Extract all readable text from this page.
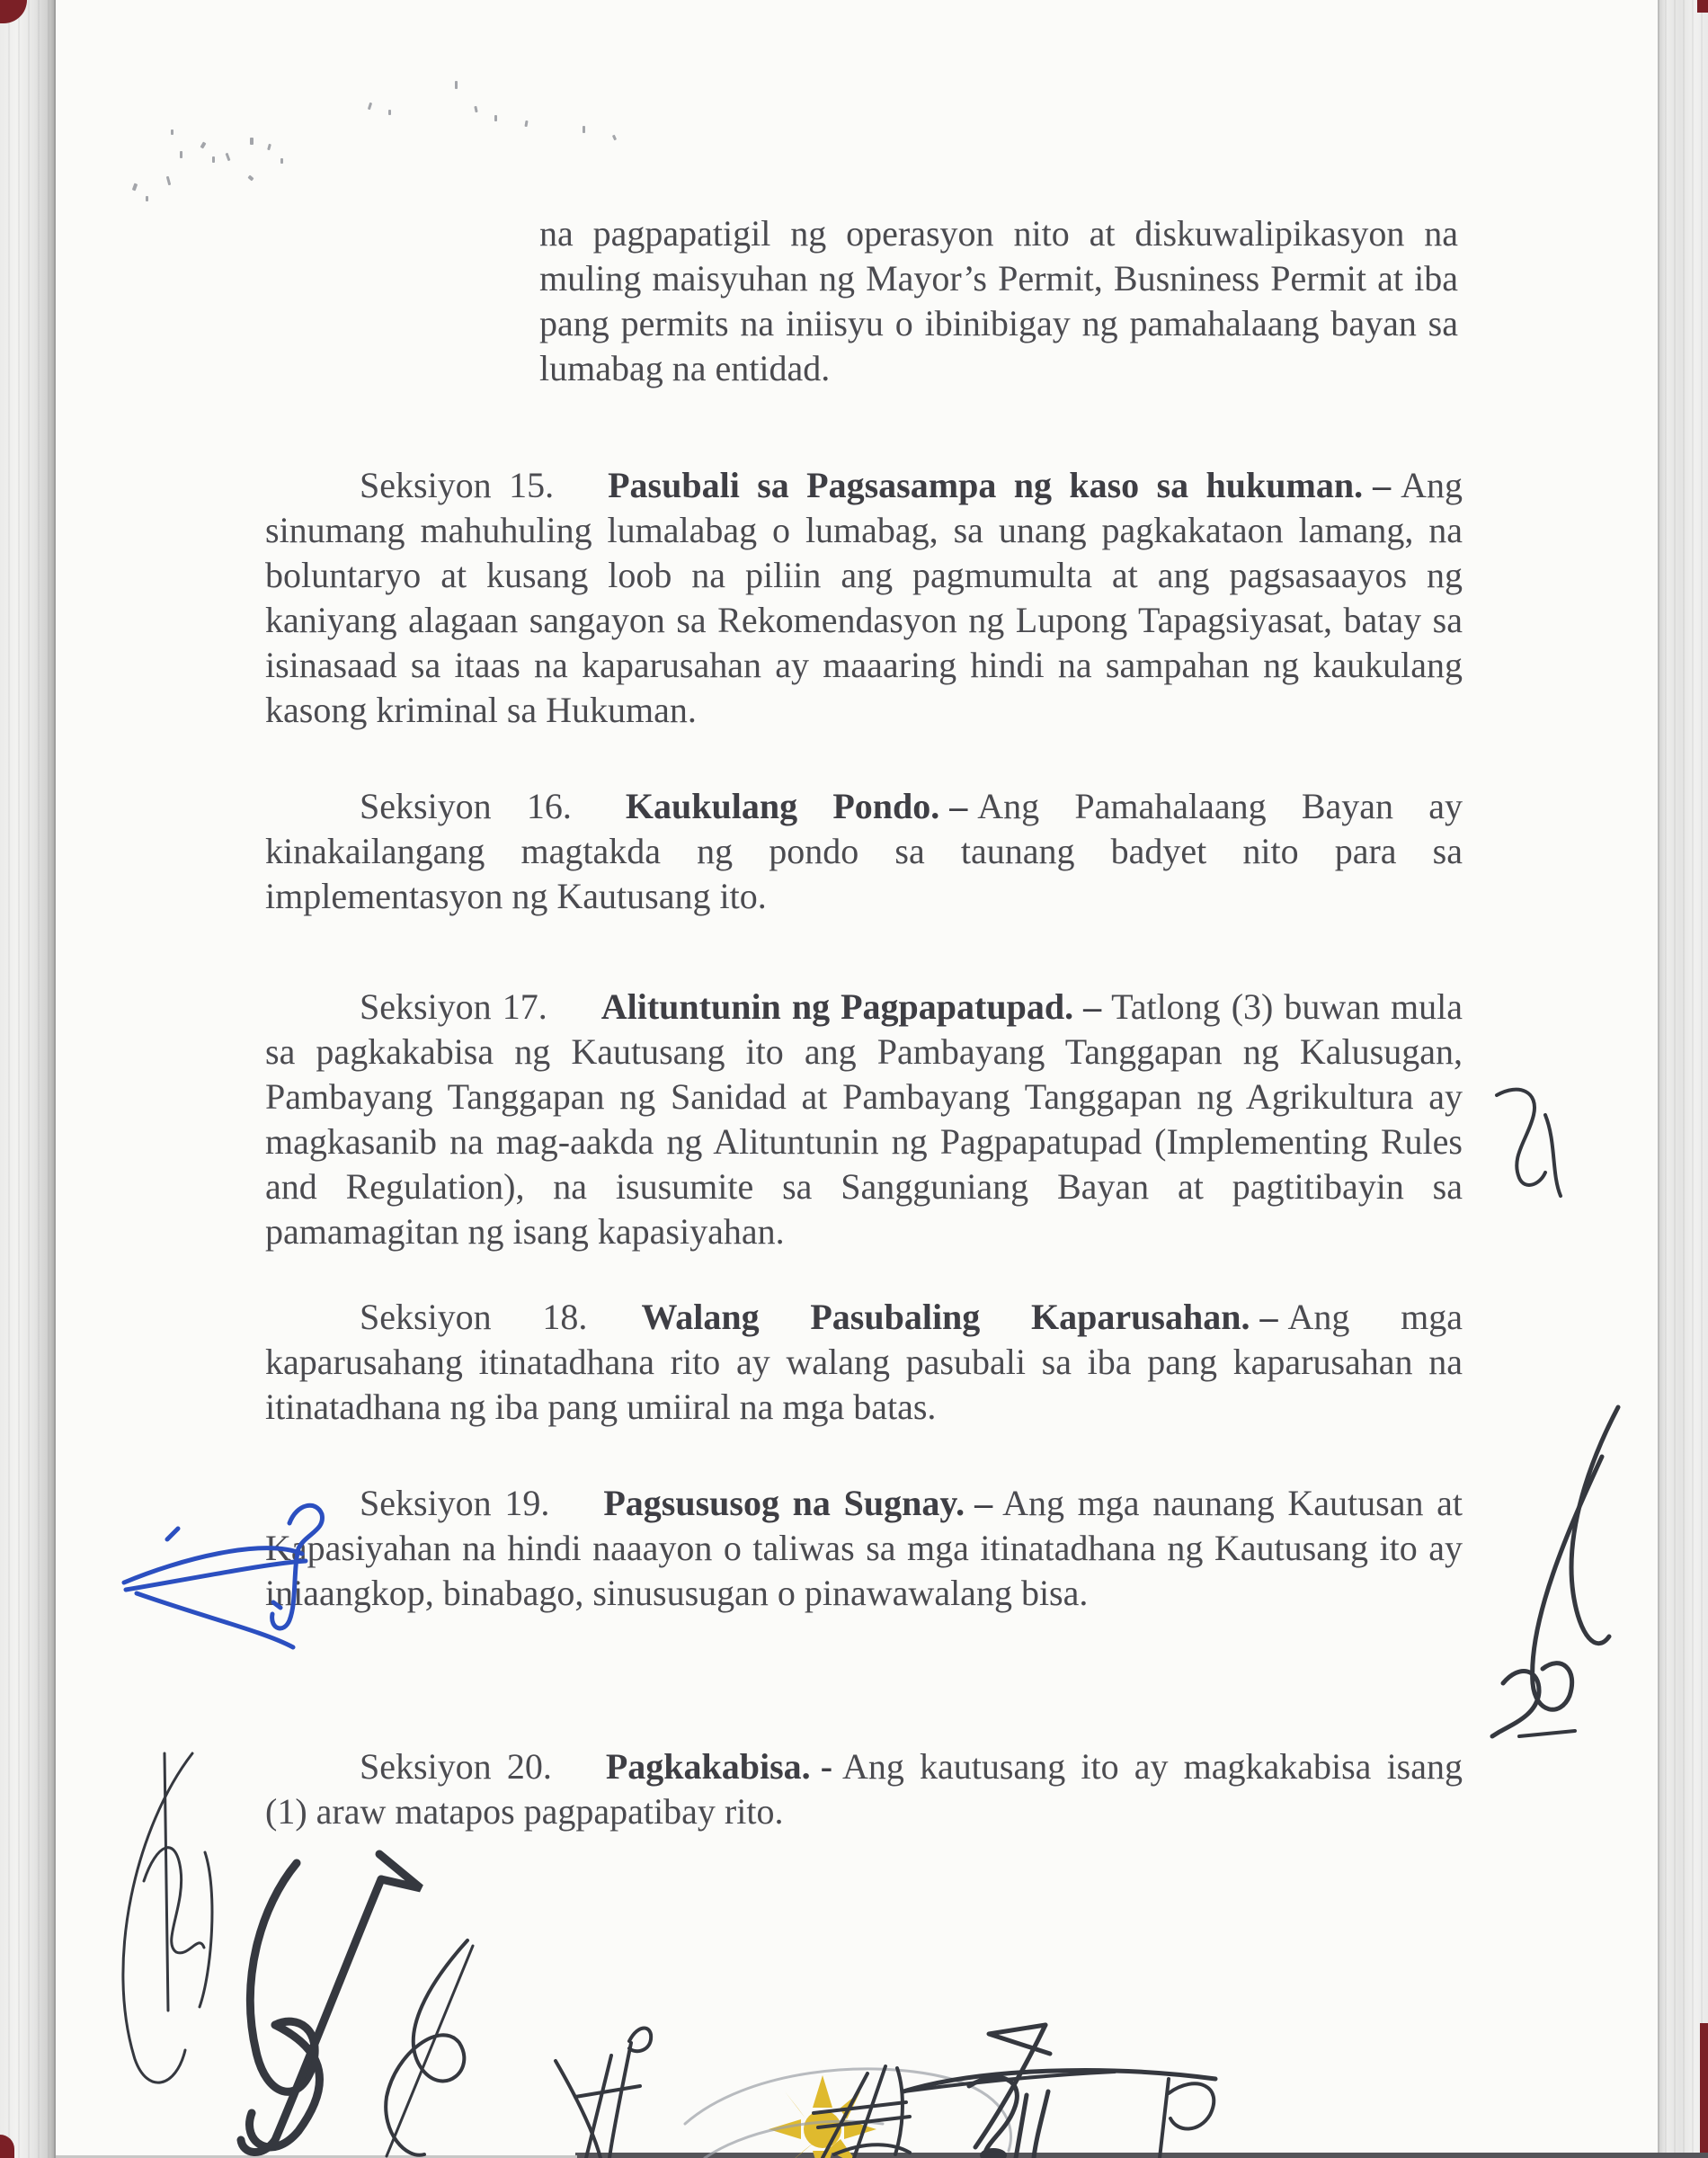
na pagpapatigil ng operasyon nito at diskuwalipikasyon na muling maisyuhan ng Mayor’s Permit, Busniness Permit at iba pang permits na iniisyu o ibinibigay ng pamahalaang bayan sa lumabag na entidad.

Seksiyon 15. Pasubali sa Pagsasampa ng kaso sa hukuman. – Ang sinumang mahuhuling lumalabag o lumabag, sa unang pagkakataon lamang, na boluntaryo at kusang loob na piliin ang pagmumulta at ang pagsasaayos ng kaniyang alagaan sangayon sa Rekomendasyon ng Lupong Tapagsiyasat, batay sa isinasaad sa itaas na kaparusahan ay maaaring hindi na sampahan ng kaukulang kasong kriminal sa Hukuman.

Seksiyon 16. Kaukulang Pondo. – Ang Pamahalaang Bayan ay kinakailangang magtakda ng pondo sa taunang badyet nito para sa implementasyon ng Kautusang ito.

Seksiyon 17. Alituntunin ng Pagpapatupad. – Tatlong (3) buwan mula sa pagkakabisa ng Kautusang ito ang Pambayang Tanggapan ng Kalusugan, Pambayang Tanggapan ng Sanidad at Pambayang Tanggapan ng Agrikultura ay magkasanib na mag-aakda ng Alituntunin ng Pagpapatupad (Implementing Rules and Regulation), na isusumite sa Sangguniang Bayan at pagtitibayin sa pamamagitan ng isang kapasiyahan.

Seksiyon 18. Walang Pasubaling Kaparusahan. – Ang mga kaparusahang itinatadhana rito ay walang pasubali sa iba pang kaparusahan na itinatadhana ng iba pang umiiral na mga batas.

Seksiyon 19. Pagsususog na Sugnay. – Ang mga naunang Kautusan at Kapasiyahan na hindi naaayon o taliwas sa mga itinatadhana ng Kautusang ito ay iniaangkop, binabago, sinususugan o pinawawalang bisa.

Seksiyon 20. Pagkakabisa. - Ang kautusang ito ay magkakabisa isang (1) araw matapos pagpapatibay rito.
